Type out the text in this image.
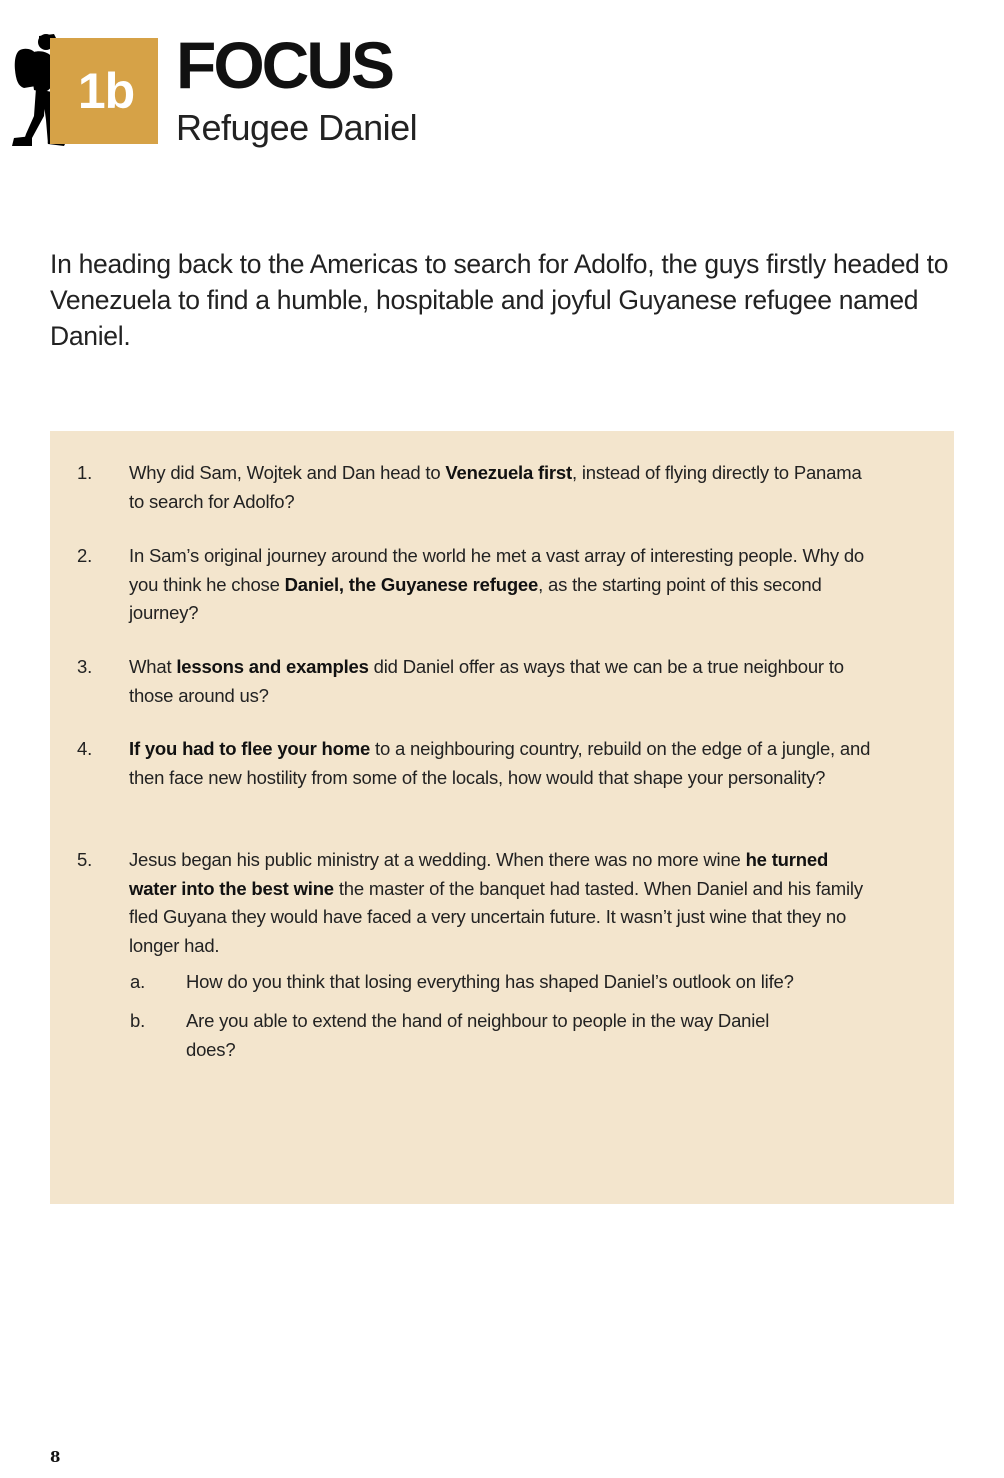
1b FOCUS
Refugee Daniel

In heading back to the Americas to search for Adolfo, the guys firstly headed to Venezuela to find a humble, hospitable and joyful Guyanese refugee named Daniel.

1. Why did Sam, Wojtek and Dan head to Venezuela first, instead of flying directly to Panama to search for Adolfo?
2. In Sam’s original journey around the world he met a vast array of interesting people. Why do you think he chose Daniel, the Guyanese refugee, as the starting point of this second journey?
3. What lessons and examples did Daniel offer as ways that we can be a true neighbour to those around us?
4. If you had to flee your home to a neighbouring country, rebuild on the edge of a jungle, and then face new hostility from some of the locals, how would that shape your personality?
5. Jesus began his public ministry at a wedding. When there was no more wine he turned water into the best wine the master of the banquet had tasted. When Daniel and his family fled Guyana they would have faced a very uncertain future. It wasn’t just wine that they no longer had.
a. How do you think that losing everything has shaped Daniel’s outlook on life?
b. Are you able to extend the hand of neighbour to people in the way Daniel does?
8
